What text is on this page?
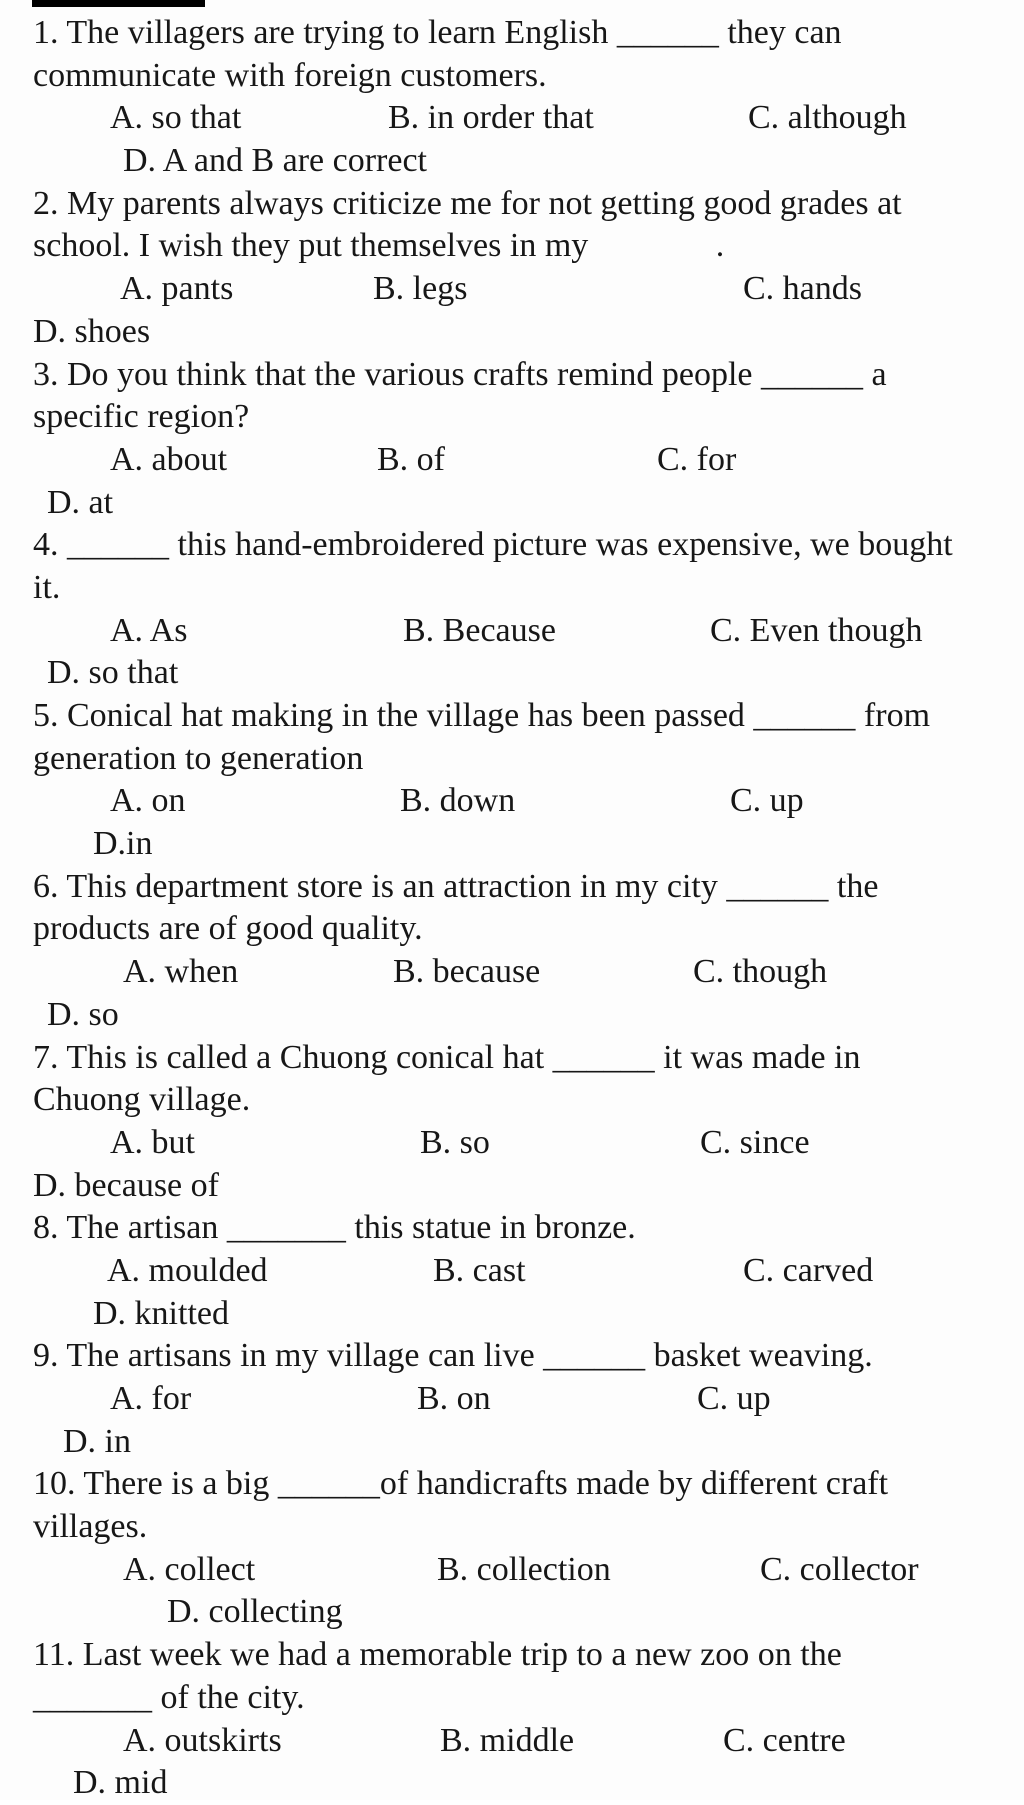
1. The villagers are trying to learn English ______ they can
communicate with foreign customers.
A. so that	B. in order that	C. although
D. A and B are correct
2. My parents always criticize me for not getting good grades at
school. I wish they put themselves in my               .
A. pants	B. legs	C. hands
D. shoes
3. Do you think that the various crafts remind people ______ a
specific region?
A. about	B. of	C. for
D. at
4. ______ this hand-embroidered picture was expensive, we bought
it.
A. As	B. Because	C. Even though
D. so that
5. Conical hat making in the village has been passed ______ from
generation to generation
A. on	B. down	C. up
D.in
6. This department store is an attraction in my city ______ the
products are of good quality.
A. when	B. because	C. though
D. so
7. This is called a Chuong conical hat ______ it was made in
Chuong village.
A. but	B. so	C. since
D. because of
8. The artisan _______ this statue in bronze.
A. moulded	B. cast	C. carved
D. knitted
9. The artisans in my village can live ______ basket weaving.
A. for	B. on	C. up
D. in
10. There is a big ______of handicrafts made by different craft
villages.
A. collect	B. collection	C. collector
D. collecting
11. Last week we had a memorable trip to a new zoo on the
_______ of the city.
A. outskirts	B. middle	C. centre
D. mid
